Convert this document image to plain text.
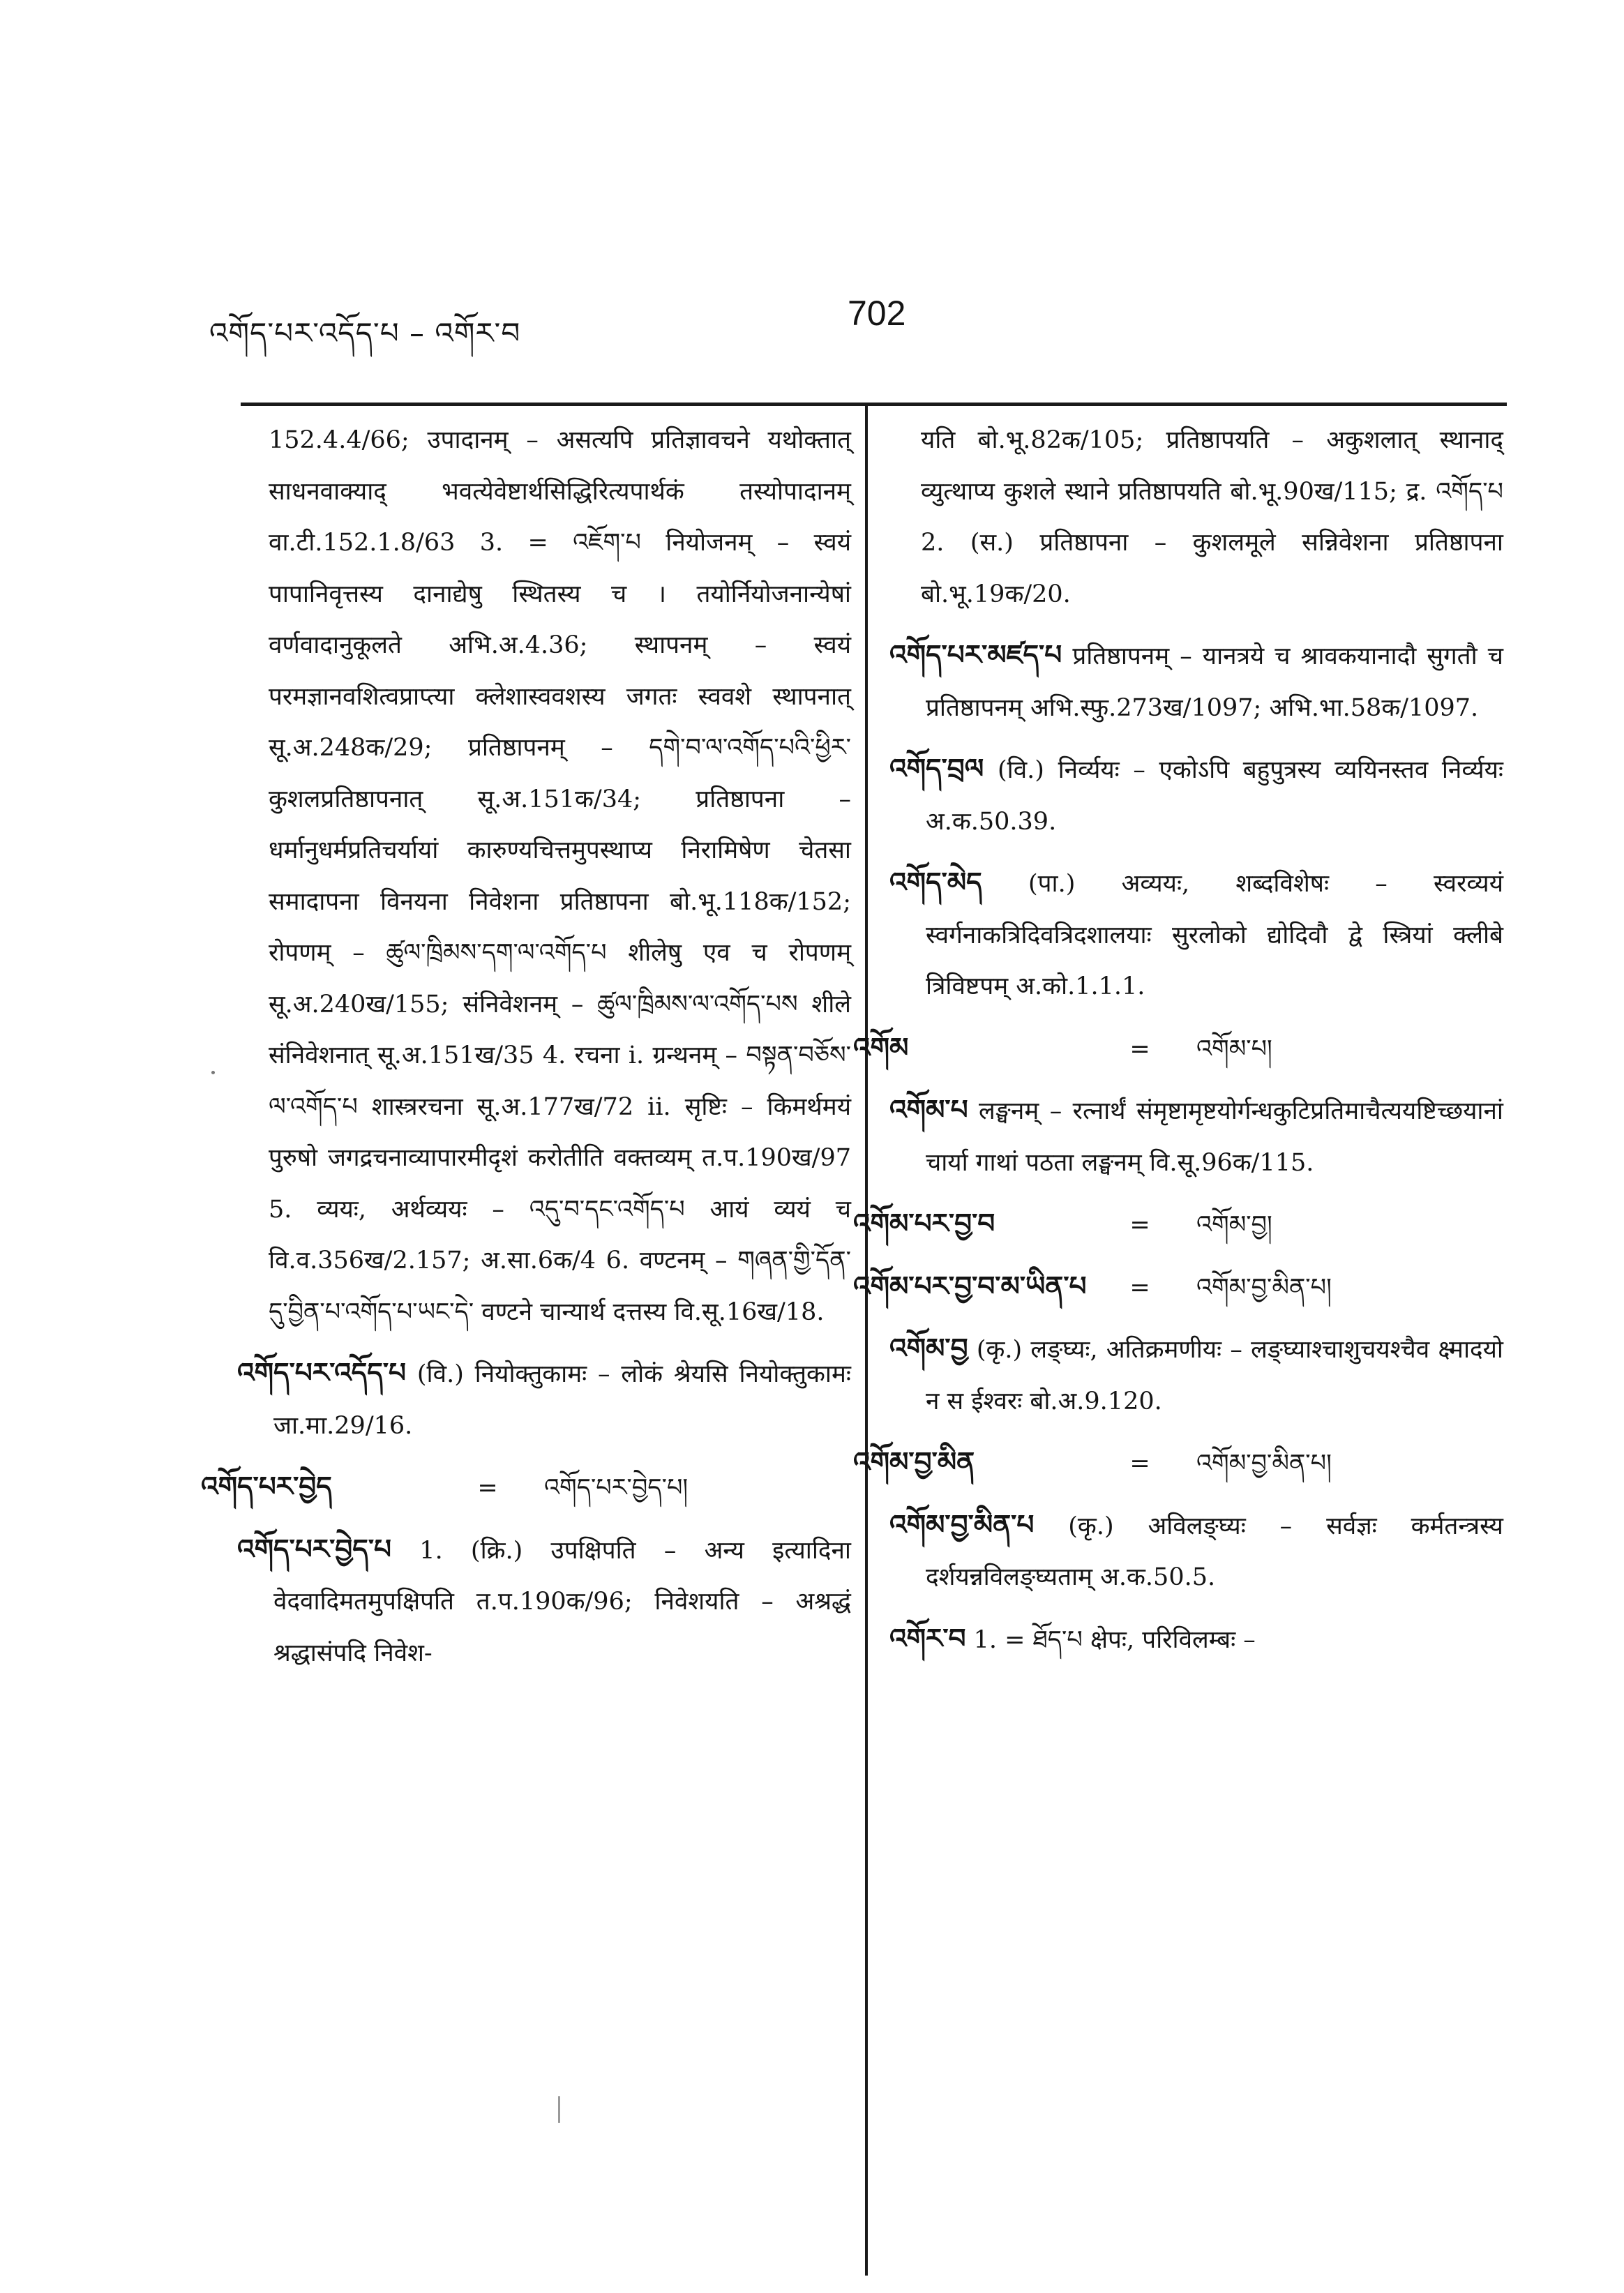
འགོད་པར་འདོད་པ – འགོར་བ
702

152.4.4/66; उपादानम् – असत्यपि प्रतिज्ञावचने यथोक्तात् साधनवाक्याद् भवत्येवेष्टार्थसिद्धिरित्यपार्थकं तस्योपादानम् वा.टी.152.1.8/63 3. = འཇོག་པ नियोजनम् – स्वयं पापानिवृत्तस्य दानाद्येषु स्थितस्य च । तयोर्नियोजनान्येषां वर्णवादानुकूलते अभि.अ.4.36; स्थापनम् – स्वयं परमज्ञानवशित्वप्राप्त्या क्लेशास्ववशस्य जगतः स्ववशे स्थापनात् सू.अ.248क/29; प्रतिष्ठापनम् – དགེ་བ་ལ་འགོད་པའི་ཕྱིར་ कुशलप्रतिष्ठापनात् सू.अ.151क/34; प्रतिष्ठापना – धर्मानुधर्मप्रतिचर्यायां कारुण्यचित्तमुपस्थाप्य निरामिषेण चेतसा समादापना विनयना निवेशना प्रतिष्ठापना बो.भू.118क/152; रोपणम् – ཚུལ་ཁྲིམས་དག་ལ་འགོད་པ शीलेषु एव च रोपणम् सू.अ.240ख/155; संनिवेशनम् – ཚུལ་ཁྲིམས་ལ་འགོད་པས शीले संनिवेशनात् सू.अ.151ख/35 4. रचना i. ग्रन्थनम् – བསྟན་བཅོས་ལ་འགོད་པ शास्त्ररचना सू.अ.177ख/72 ii. सृष्टिः – किमर्थमयं पुरुषो जगद्रचनाव्यापारमीदृशं करोतीति वक्तव्यम् त.प.190ख/97 5. व्ययः, अर्थव्ययः – འདུ་བ་དང་འགོད་པ आयं व्ययं च वि.व.356ख/2.157; अ.सा.6क/4 6. वण्टनम् – གཞན་གྱི་དོན་དུ་བྱིན་པ་འགོད་པ་ཡང་དེ་ वण्टने चान्यार्थ दत्तस्य वि.सू.16ख/18.

འགོད་པར་འདོད་པ (वि.) नियोक्तुकामः – लोकं श्रेयसि नियोक्तुकामः जा.मा.29/16.

འགོད་པར་བྱེད	= འགོད་པར་བྱེད་པ།

འགོད་པར་བྱེད་པ 1. (क्रि.) उपक्षिपति – अन्य इत्यादिना वेदवादिमतमुपक्षिपति त.प.190क/96; निवेशयति – अश्रद्धं श्रद्धासंपदि निवेश-

यति बो.भू.82क/105; प्रतिष्ठापयति – अकुशलात् स्थानाद् व्युत्थाप्य कुशले स्थाने प्रतिष्ठापयति बो.भू.90ख/115; द्र. འགོད་པ 2. (स.) प्रतिष्ठापना – कुशलमूले सन्निवेशना प्रतिष्ठापना बो.भू.19क/20.

འགོད་པར་མཛད་པ प्रतिष्ठापनम् – यानत्रये च श्रावकयानादौ सुगतौ च प्रतिष्ठापनम् अभि.स्फु.273ख/1097; अभि.भा.58क/1097.

འགོད་བྲལ (वि.) निर्व्ययः – एकोऽपि बहुपुत्रस्य व्ययिनस्तव निर्व्ययः अ.क.50.39.

འགོད་མེད (पा.) अव्ययः, शब्दविशेषः – स्वरव्ययं स्वर्गनाकत्रिदिवत्रिदशालयाः सुरलोको द्योदिवौ द्वे स्त्रियां क्लीबे त्रिविष्टपम् अ.को.1.1.1.

འགོམ	= འགོམ་པ།

འགོམ་པ लङ्घनम् – रत्नार्थं संमृष्टामृष्टयोर्गन्धकुटिप्रतिमाचैत्ययष्टिच्छयानां चार्या गाथां पठता लङ्घनम् वि.सू.96क/115.

འགོམ་པར་བྱ་བ	= འགོམ་བྱ།

འགོམ་པར་བྱ་བ་མ་ཡིན་པ = འགོམ་བྱ་མིན་པ།

འགོམ་བྱ (कृ.) लङ्घ्यः, अतिक्रमणीयः – लङ्घ्याश्चाशुचयश्चैव क्ष्मादयो न स ईश्वरः बो.अ.9.120.

འགོམ་བྱ་མིན	= འགོམ་བྱ་མིན་པ།

འགོམ་བྱ་མིན་པ (कृ.) अविलङ्घ्यः – सर्वज्ञः कर्मतन्त्रस्य दर्शयन्नविलङ्घ्यताम् अ.क.50.5.

འགོར་བ 1. = ཐོད་པ क्षेपः, परिविलम्बः –
